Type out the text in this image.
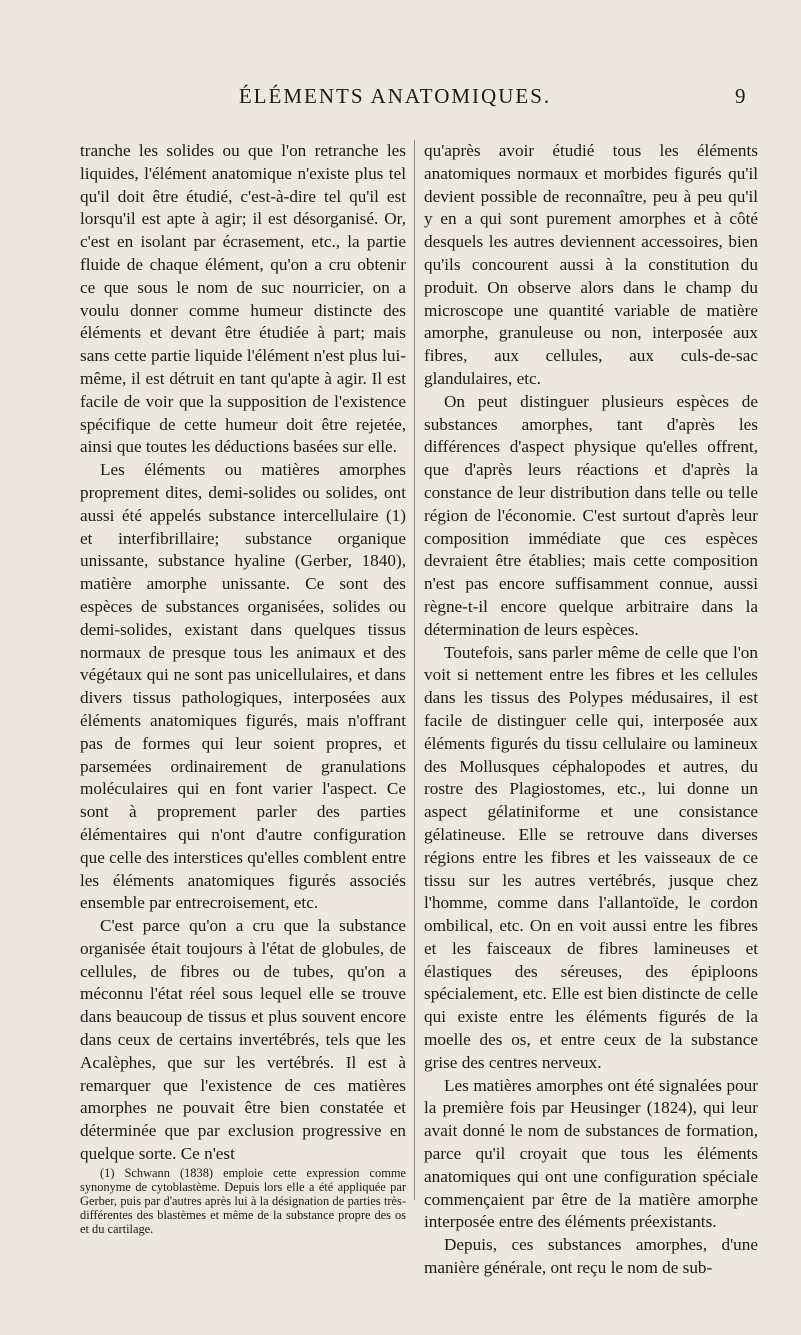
ÉLÉMENTS ANATOMIQUES.	9

tranche les solides ou que l'on retranche les liquides, l'élément anatomique n'existe plus tel qu'il doit être étudié, c'est-à-dire tel qu'il est lorsqu'il est apte à agir; il est désorganisé. Or, c'est en isolant par écrasement, etc., la partie fluide de chaque élément, qu'on a cru obtenir ce que sous le nom de suc nourricier, on a voulu donner comme humeur distincte des éléments et devant être étudiée à part; mais sans cette partie liquide l'élément n'est plus lui-même, il est détruit en tant qu'apte à agir. Il est facile de voir que la supposition de l'existence spécifique de cette humeur doit être rejetée, ainsi que toutes les déductions basées sur elle.

Les éléments ou matières amorphes proprement dites, demi-solides ou solides, ont aussi été appelés substance intercellulaire (1) et interfibrillaire; substance organique unissante, substance hyaline (Gerber, 1840), matière amorphe unissante. Ce sont des espèces de substances organisées, solides ou demi-solides, existant dans quelques tissus normaux de presque tous les animaux et des végétaux qui ne sont pas unicellulaires, et dans divers tissus pathologiques, interposées aux éléments anatomiques figurés, mais n'offrant pas de formes qui leur soient propres, et parsemées ordinairement de granulations moléculaires qui en font varier l'aspect. Ce sont à proprement parler des parties élémentaires qui n'ont d'autre configuration que celle des interstices qu'elles comblent entre les éléments anatomiques figurés associés ensemble par entrecroisement, etc.

C'est parce qu'on a cru que la substance organisée était toujours à l'état de globules, de cellules, de fibres ou de tubes, qu'on a méconnu l'état réel sous lequel elle se trouve dans beaucoup de tissus et plus souvent encore dans ceux de certains invertébrés, tels que les Acalèphes, que sur les vertébrés. Il est à remarquer que l'existence de ces matières amorphes ne pouvait être bien constatée et déterminée que par exclusion progressive en quelque sorte. Ce n'est

(1) Schwann (1838) emploie cette expression comme synonyme de cytoblastème. Depuis lors elle a été appliquée par Gerber, puis par d'autres après lui à la désignation de parties très-différentes des blastèmes et même de la substance propre des os et du cartilage.

qu'après avoir étudié tous les éléments anatomiques normaux et morbides figurés qu'il devient possible de reconnaître, peu à peu qu'il y en a qui sont purement amorphes et à côté desquels les autres deviennent accessoires, bien qu'ils concourent aussi à la constitution du produit. On observe alors dans le champ du microscope une quantité variable de matière amorphe, granuleuse ou non, interposée aux fibres, aux cellules, aux culs-de-sac glandulaires, etc.

On peut distinguer plusieurs espèces de substances amorphes, tant d'après les différences d'aspect physique qu'elles offrent, que d'après leurs réactions et d'après la constance de leur distribution dans telle ou telle région de l'économie. C'est surtout d'après leur composition immédiate que ces espèces devraient être établies; mais cette composition n'est pas encore suffisamment connue, aussi règne-t-il encore quelque arbitraire dans la détermination de leurs espèces.

Toutefois, sans parler même de celle que l'on voit si nettement entre les fibres et les cellules dans les tissus des Polypes médusaires, il est facile de distinguer celle qui, interposée aux éléments figurés du tissu cellulaire ou lamineux des Mollusques céphalopodes et autres, du rostre des Plagiostomes, etc., lui donne un aspect gélatiniforme et une consistance gélatineuse. Elle se retrouve dans diverses régions entre les fibres et les vaisseaux de ce tissu sur les autres vertébrés, jusque chez l'homme, comme dans l'allantoïde, le cordon ombilical, etc. On en voit aussi entre les fibres et les faisceaux de fibres lamineuses et élastiques des séreuses, des épiploons spécialement, etc. Elle est bien distincte de celle qui existe entre les éléments figurés de la moelle des os, et entre ceux de la substance grise des centres nerveux.

Les matières amorphes ont été signalées pour la première fois par Heusinger (1824), qui leur avait donné le nom de substances de formation, parce qu'il croyait que tous les éléments anatomiques qui ont une configuration spéciale commençaient par être de la matière amorphe interposée entre des éléments préexistants.

Depuis, ces substances amorphes, d'une manière générale, ont reçu le nom de sub-
